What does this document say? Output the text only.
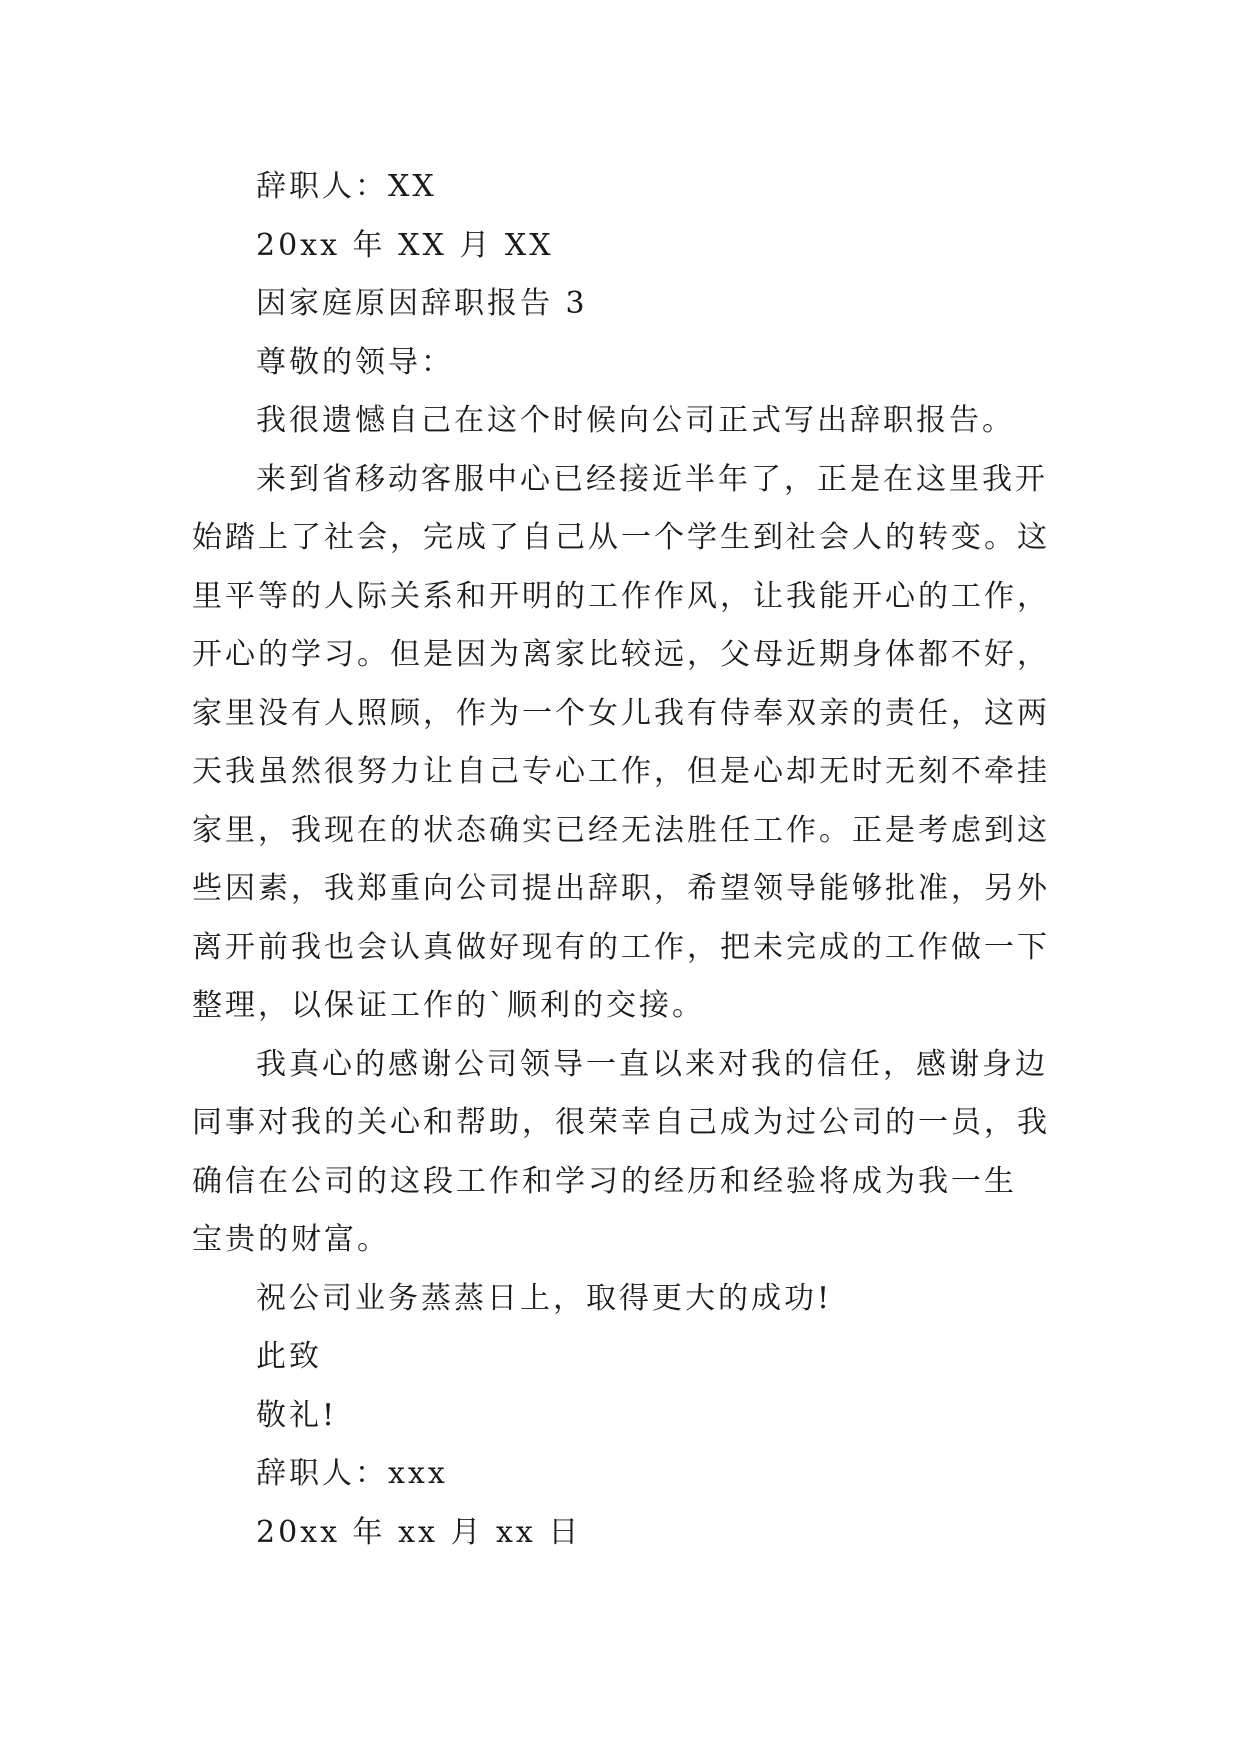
辞职人：XX
20xx 年 XX 月 XX
因家庭原因辞职报告 3
尊敬的领导：
我很遗憾自己在这个时候向公司正式写出辞职报告。
来到省移动客服中心已经接近半年了，正是在这里我开
始踏上了社会，完成了自己从一个学生到社会人的转变。这
里平等的人际关系和开明的工作作风，让我能开心的工作，
开心的学习。但是因为离家比较远，父母近期身体都不好，
家里没有人照顾，作为一个女儿我有侍奉双亲的责任，这两
天我虽然很努力让自己专心工作，但是心却无时无刻不牵挂
家里，我现在的状态确实已经无法胜任工作。正是考虑到这
些因素，我郑重向公司提出辞职，希望领导能够批准，另外
离开前我也会认真做好现有的工作，把未完成的工作做一下
整理，以保证工作的`顺利的交接。
我真心的感谢公司领导一直以来对我的信任，感谢身边
同事对我的关心和帮助，很荣幸自己成为过公司的一员，我
确信在公司的这段工作和学习的经历和经验将成为我一生
宝贵的财富。
祝公司业务蒸蒸日上，取得更大的成功!
此致
敬礼!
辞职人：xxx
20xx 年 xx 月 xx 日
